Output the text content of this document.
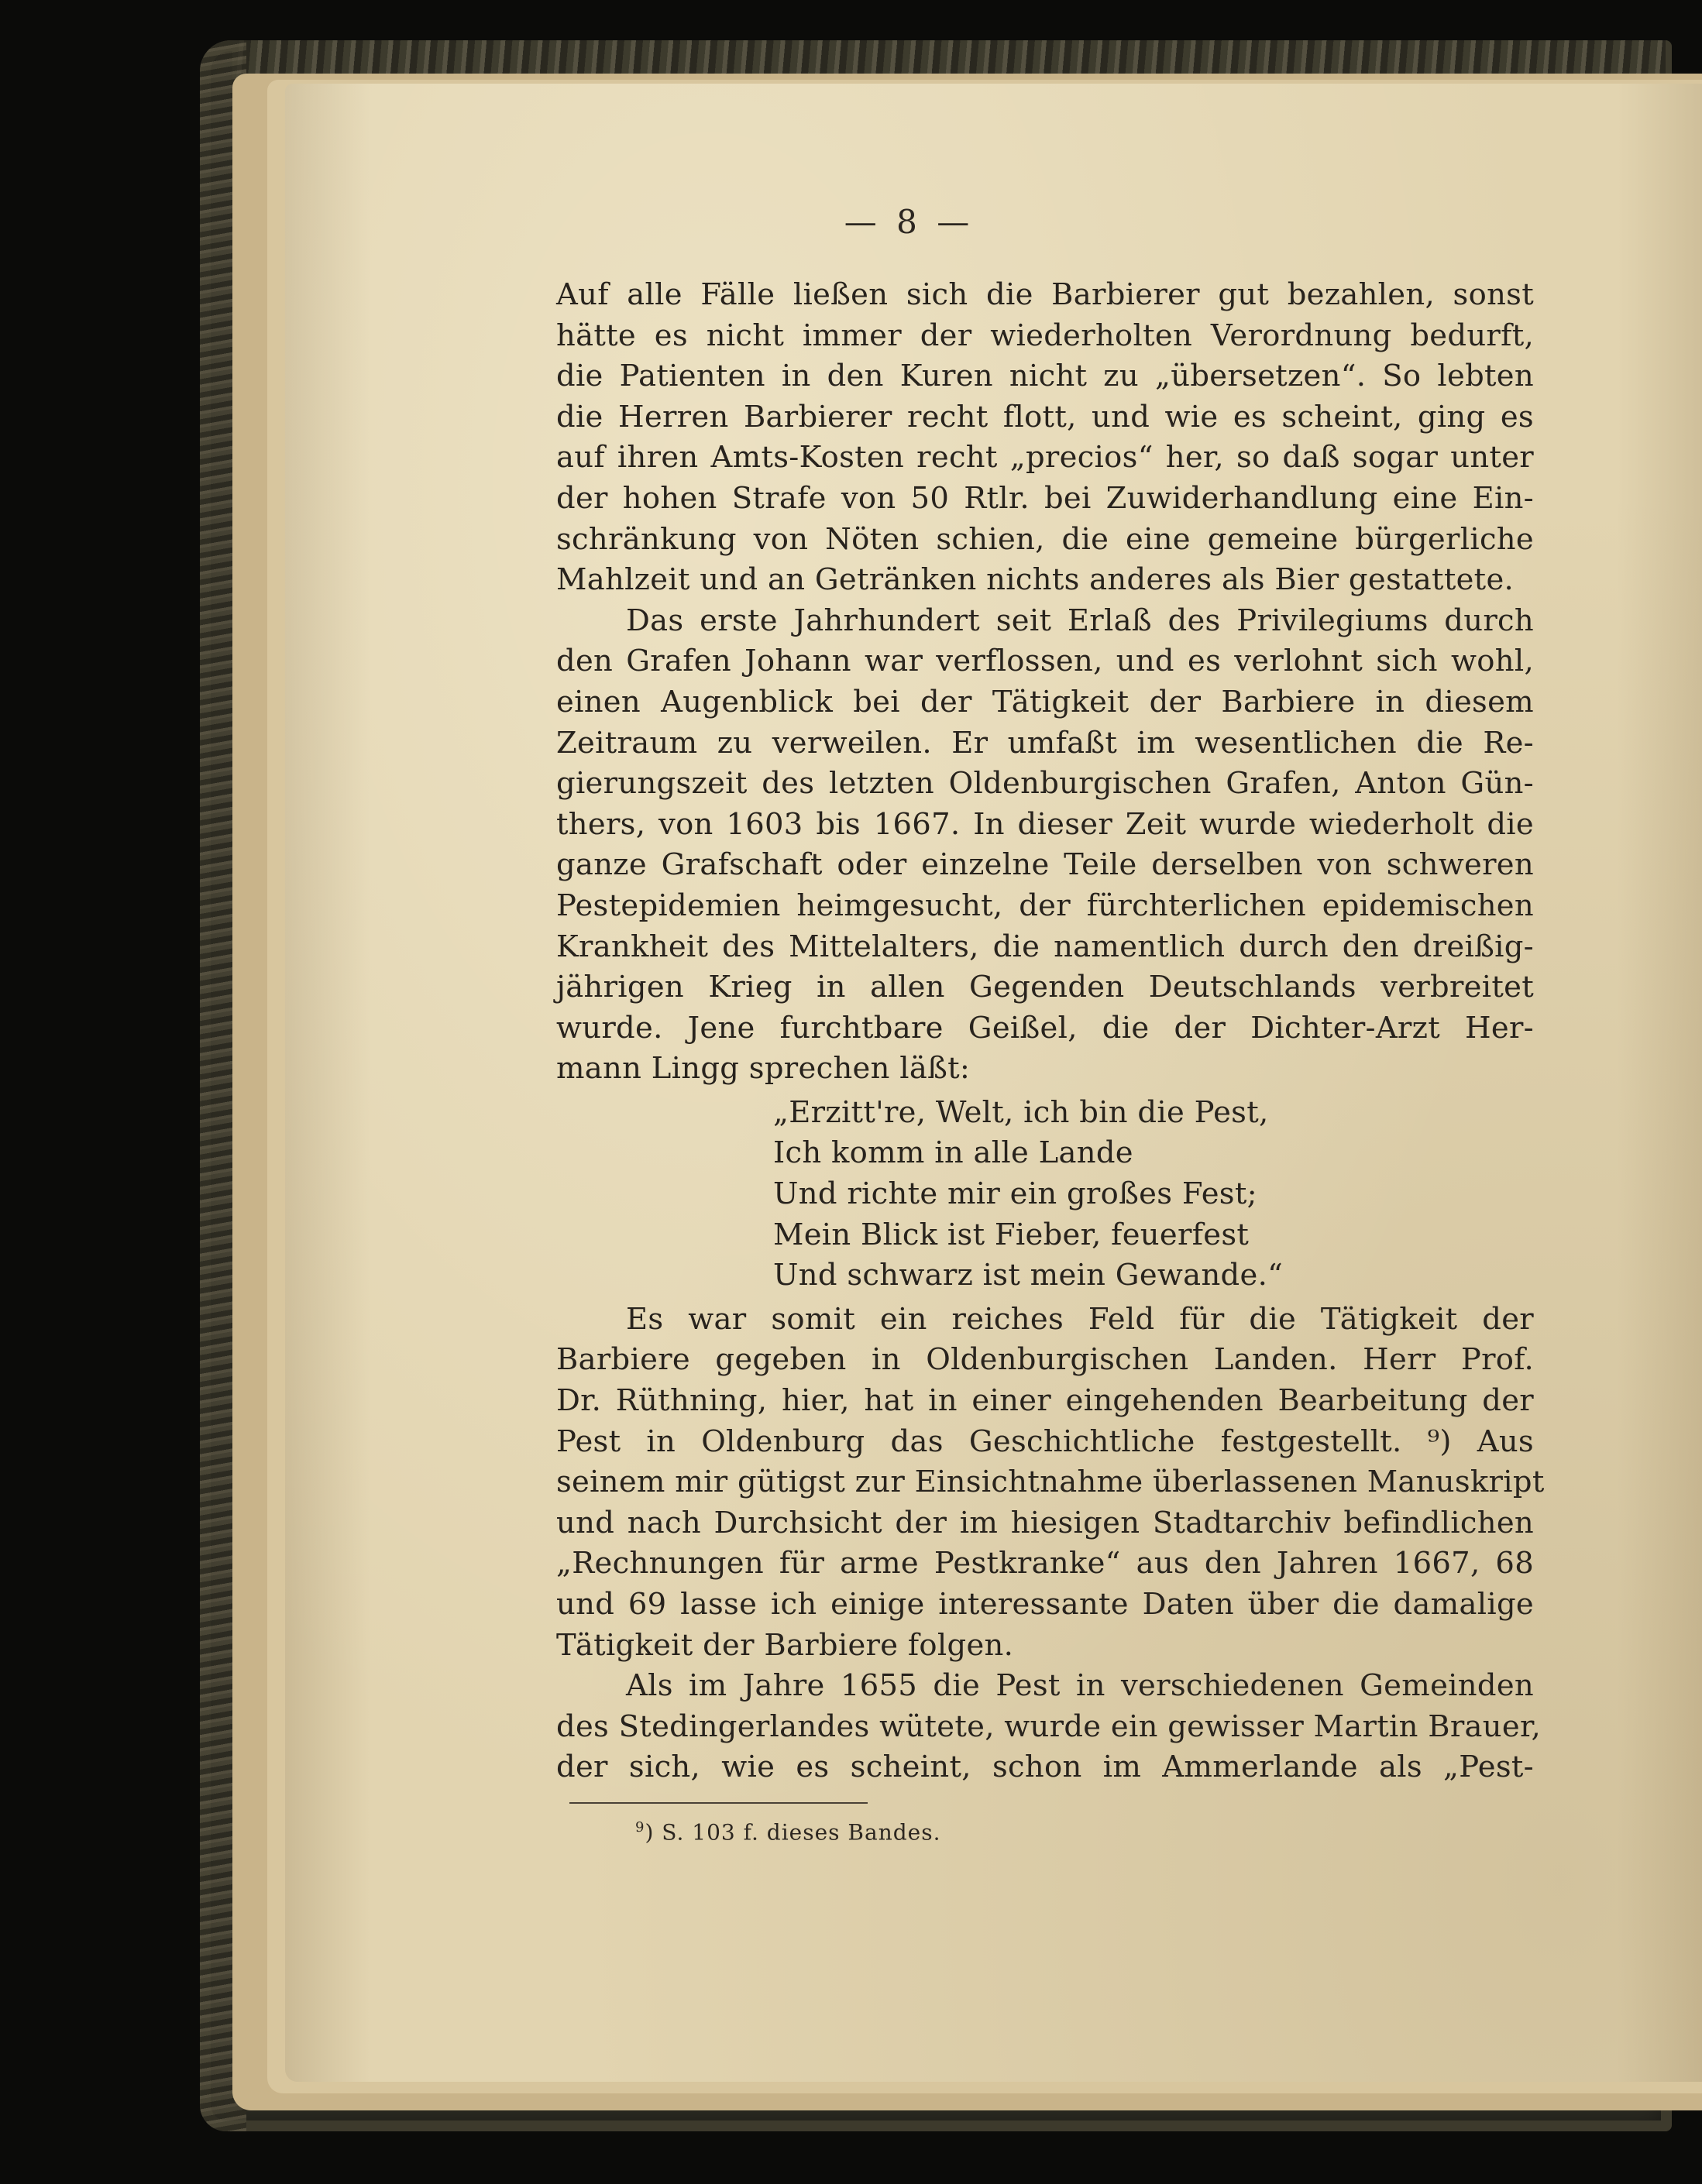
— 8 —
Auf alle Fälle ließen sich die Barbierer gut bezahlen, sonst
hätte es nicht immer der wiederholten Verordnung bedurft,
die Patienten in den Kuren nicht zu „übersetzen“. So lebten
die Herren Barbierer recht flott, und wie es scheint, ging es
auf ihren Amts-Kosten recht „precios“ her, so daß sogar unter
der hohen Strafe von 50 Rtlr. bei Zuwiderhandlung eine Ein-
schränkung von Nöten schien, die eine gemeine bürgerliche
Mahlzeit und an Getränken nichts anderes als Bier gestattete.
Das erste Jahrhundert seit Erlaß des Privilegiums durch
den Grafen Johann war verflossen, und es verlohnt sich wohl,
einen Augenblick bei der Tätigkeit der Barbiere in diesem
Zeitraum zu verweilen. Er umfaßt im wesentlichen die Re-
gierungszeit des letzten Oldenburgischen Grafen, Anton Gün-
thers, von 1603 bis 1667. In dieser Zeit wurde wiederholt die
ganze Grafschaft oder einzelne Teile derselben von schweren
Pestepidemien heimgesucht, der fürchterlichen epidemischen
Krankheit des Mittelalters, die namentlich durch den dreißig-
jährigen Krieg in allen Gegenden Deutschlands verbreitet
wurde. Jene furchtbare Geißel, die der Dichter-Arzt Her-
mann Lingg sprechen läßt:
„Erzitt're, Welt, ich bin die Pest,
Ich komm in alle Lande
Und richte mir ein großes Fest;
Mein Blick ist Fieber, feuerfest
Und schwarz ist mein Gewande.“
Es war somit ein reiches Feld für die Tätigkeit der
Barbiere gegeben in Oldenburgischen Landen. Herr Prof.
Dr. Rüthning, hier, hat in einer eingehenden Bearbeitung der
Pest in Oldenburg das Geschichtliche festgestellt. ⁹) Aus
seinem mir gütigst zur Einsichtnahme überlassenen Manuskript
und nach Durchsicht der im hiesigen Stadtarchiv befindlichen
„Rechnungen für arme Pestkranke“ aus den Jahren 1667, 68
und 69 lasse ich einige interessante Daten über die damalige
Tätigkeit der Barbiere folgen.
Als im Jahre 1655 die Pest in verschiedenen Gemeinden
des Stedingerlandes wütete, wurde ein gewisser Martin Brauer,
der sich, wie es scheint, schon im Ammerlande als „Pest-
$^9$) S. 103 f. dieses Bandes.
